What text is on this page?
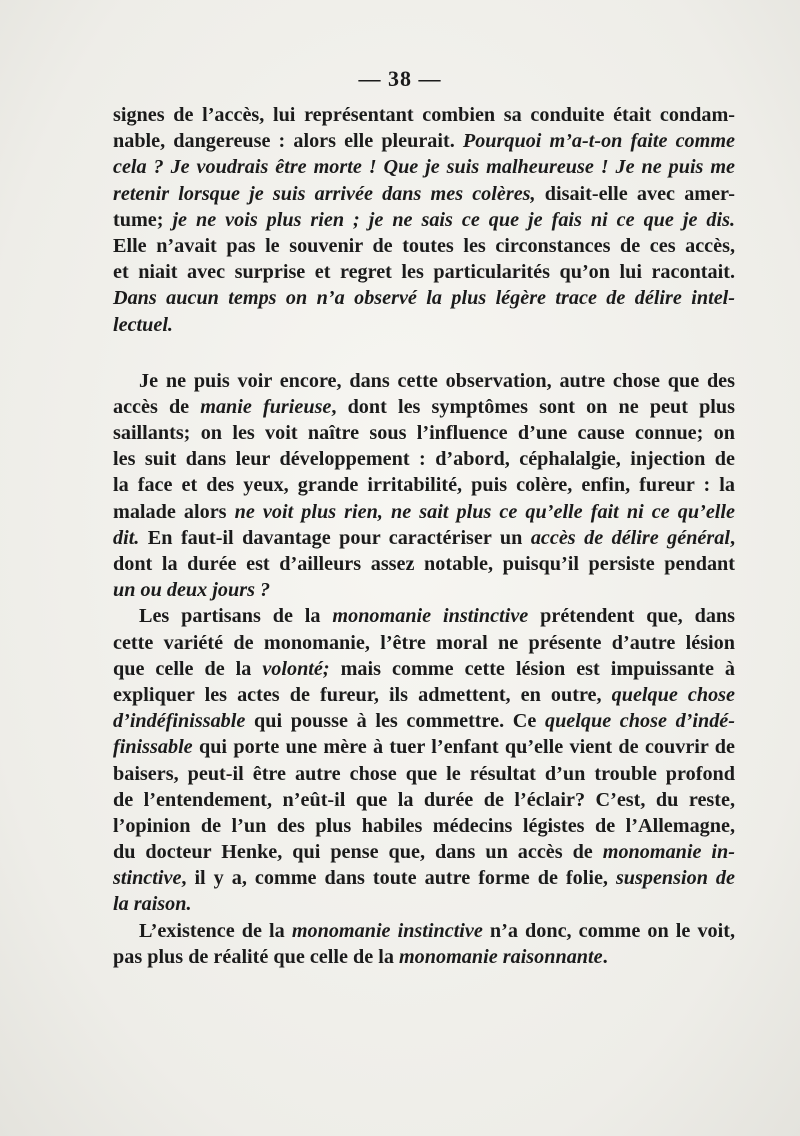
— 38 —
signes de l’accès, lui représentant combien sa conduite était condam-
nable, dangereuse : alors elle pleurait. Pourquoi m’a-t-on faite comme
cela ? Je voudrais être morte ! Que je suis malheureuse ! Je ne puis me
retenir lorsque je suis arrivée dans mes colères, disait-elle avec amer-
tume; je ne vois plus rien ; je ne sais ce que je fais ni ce que je dis.
Elle n’avait pas le souvenir de toutes les circonstances de ces accès,
et niait avec surprise et regret les particularités qu’on lui racontait.
Dans aucun temps on n’a observé la plus légère trace de délire intel-
lectuel.
Je ne puis voir encore, dans cette observation, autre chose que des
accès de manie furieuse, dont les symptômes sont on ne peut plus
saillants; on les voit naître sous l’influence d’une cause connue; on
les suit dans leur développement : d’abord, céphalalgie, injection de
la face et des yeux, grande irritabilité, puis colère, enfin, fureur : la
malade alors ne voit plus rien, ne sait plus ce qu’elle fait ni ce qu’elle
dit. En faut-il davantage pour caractériser un accès de délire général,
dont la durée est d’ailleurs assez notable, puisqu’il persiste pendant
un ou deux jours ?
Les partisans de la monomanie instinctive prétendent que, dans
cette variété de monomanie, l’être moral ne présente d’autre lésion
que celle de la volonté; mais comme cette lésion est impuissante à
expliquer les actes de fureur, ils admettent, en outre, quelque chose
d’indéfinissable qui pousse à les commettre. Ce quelque chose d’indé-
finissable qui porte une mère à tuer l’enfant qu’elle vient de couvrir de
baisers, peut-il être autre chose que le résultat d’un trouble profond
de l’entendement, n’eût-il que la durée de l’éclair? C’est, du reste,
l’opinion de l’un des plus habiles médecins légistes de l’Allemagne,
du docteur Henke, qui pense que, dans un accès de monomanie in-
stinctive, il y a, comme dans toute autre forme de folie, suspension de
la raison.
L’existence de la monomanie instinctive n’a donc, comme on le voit,
pas plus de réalité que celle de la monomanie raisonnante.
